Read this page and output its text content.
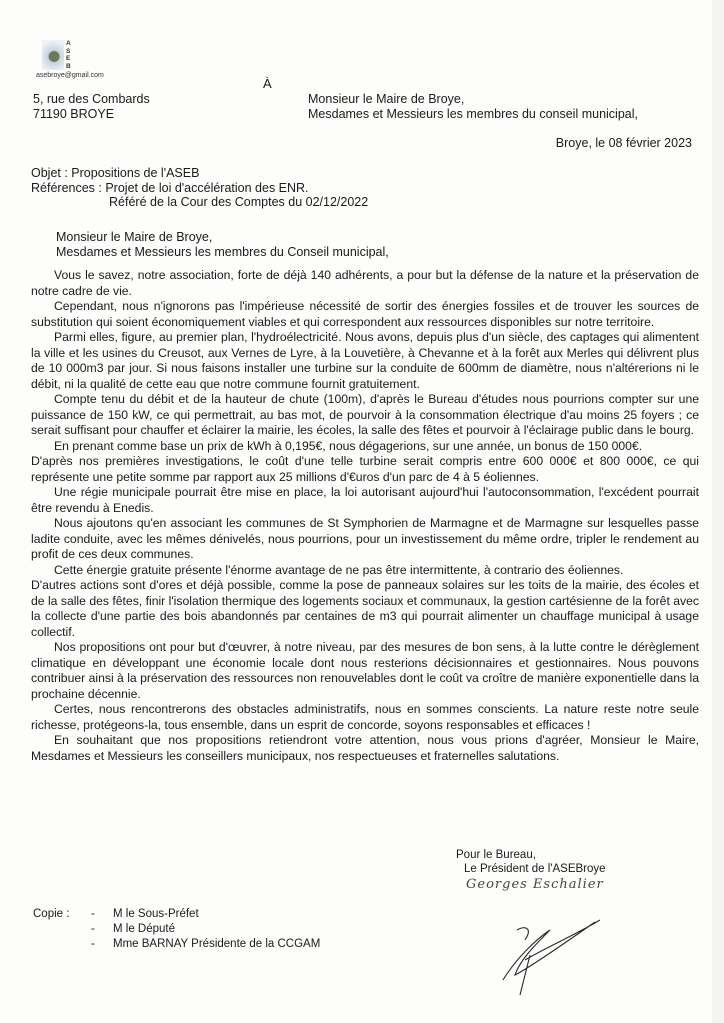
ASEB
asebroye@gmail.com
5, rue des Combards
71190 BROYE
À
Monsieur le Maire de Broye,
Mesdames et Messieurs les membres du conseil municipal,
Broye, le 08 février 2023
Objet : Propositions de l'ASEB
Références : Projet de loi d'accélération des ENR.
Référé de la Cour des Comptes du 02/12/2022
Monsieur le Maire de Broye,
Mesdames et Messieurs les membres du Conseil municipal,

Vous le savez, notre association, forte de déjà 140 adhérents, a pour but la défense de la nature et la préservation de notre cadre de vie.

Cependant, nous n'ignorons pas l'impérieuse nécessité de sortir des énergies fossiles et de trouver les sources de substitution qui soient économiquement viables et qui correspondent aux ressources disponibles sur notre territoire.

Parmi elles, figure, au premier plan, l'hydroélectricité. Nous avons, depuis plus d'un siècle, des captages qui alimentent la ville et les usines du Creusot, aux Vernes de Lyre, à la Louvetière, à Chevanne et à la forêt aux Merles qui délivrent plus de 10 000m3 par jour. Si nous faisons installer une turbine sur la conduite de 600mm de diamètre, nous n'altérerions ni le débit, ni la qualité de cette eau que notre commune fournit gratuitement.

Compte tenu du débit et de la hauteur de chute (100m), d'après le Bureau d'études nous pourrions compter sur une puissance de 150 kW, ce qui permettrait, au bas mot, de pourvoir à la consommation électrique d'au moins 25 foyers ; ce serait suffisant pour chauffer et éclairer la mairie, les écoles, la salle des fêtes et pourvoir à l'éclairage public dans le bourg.

En prenant comme base un prix de kWh à 0,195€, nous dégagerions, sur une année, un bonus de 150 000€.

D'après nos premières investigations, le coût d'une telle turbine serait compris entre 600 000€ et 800 000€, ce qui représente une petite somme par rapport aux 25 millions d'€uros d'un parc de 4 à 5 éoliennes.

Une régie municipale pourrait être mise en place, la loi autorisant aujourd'hui l'autoconsommation, l'excédent pourrait être revendu à Enedis.

Nous ajoutons qu'en associant les communes de St Symphorien de Marmagne et de Marmagne sur lesquelles passe ladite conduite, avec les mêmes dénivelés, nous pourrions, pour un investissement du même ordre, tripler le rendement au profit de ces deux communes.

Cette énergie gratuite présente l'énorme avantage de ne pas être intermittente, à contrario des éoliennes.

D'autres actions sont d'ores et déjà possible, comme la pose de panneaux solaires sur les toits de la mairie, des écoles et de la salle des fêtes, finir l'isolation thermique des logements sociaux et communaux, la gestion cartésienne de la forêt avec la collecte d'une partie des bois abandonnés par centaines de m3 qui pourrait alimenter un chauffage municipal à usage collectif.

Nos propositions ont pour but d'œuvrer, à notre niveau, par des mesures de bon sens, à la lutte contre le dérèglement climatique en développant une économie locale dont nous resterions décisionnaires et gestionnaires. Nous pouvons contribuer ainsi à la préservation des ressources non renouvelables dont le coût va croître de manière exponentielle dans la prochaine décennie.

Certes, nous rencontrerons des obstacles administratifs, nous en sommes conscients. La nature reste notre seule richesse, protégeons-la, tous ensemble, dans un esprit de concorde, soyons responsables et efficaces !

En souhaitant que nos propositions retiendront votre attention, nous vous prions d'agréer, Monsieur le Maire, Mesdames et Messieurs les conseillers municipaux, nos respectueuses et fraternelles salutations.

Pour le Bureau,
Le Président de l'ASEBroye
Georges Eschalier
Copie :	-	M le Sous-Préfet
-	M le Député
-	Mme BARNAY Présidente de la CCGAM
